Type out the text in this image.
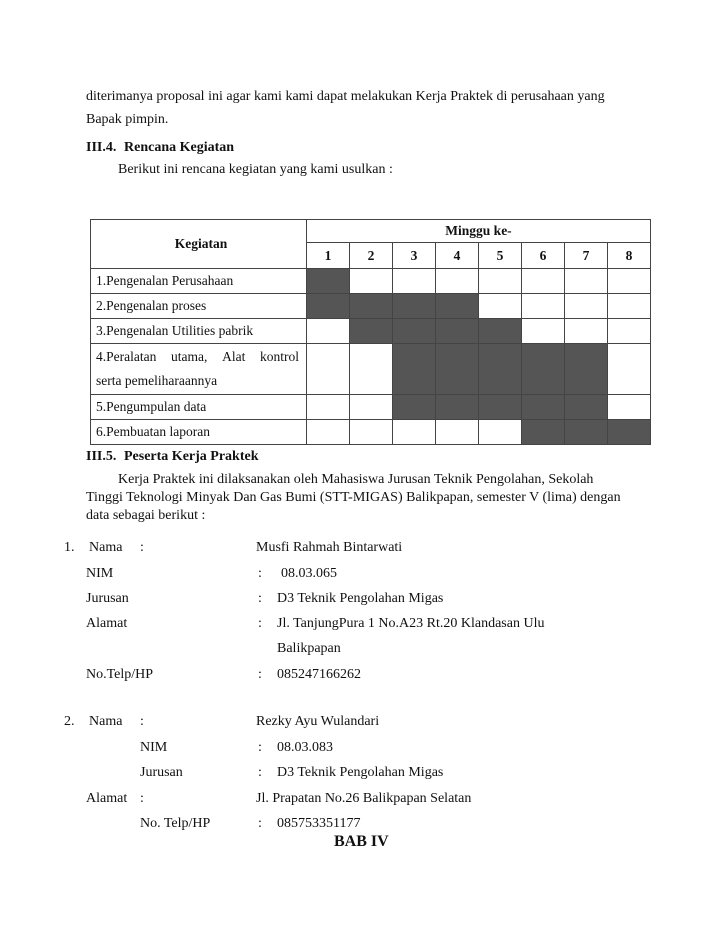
diterimanya proposal ini agar kami kami dapat melakukan Kerja Praktek di perusahaan yang
Bapak pimpin.
III.4. Rencana Kegiatan
Berikut ini rencana kegiatan yang kami usulkan :
Kegiatan	Minggu ke-							
	1	2	3	4	5	6	7	8
1.Pengenalan Perusahaan								
2.Pengenalan proses								
3.Pengenalan Utilities pabrik								

4.Peralatan utama, Alat kontrol
serta pemeliharaannya								

5.Pengumpulan data								
6.Pembuatan laporan								
III.5. Peserta Kerja Praktek
Kerja Praktek ini dilaksanakan oleh Mahasiswa Jurusan Teknik Pengolahan, Sekolah
Tinggi Teknologi Minyak Dan Gas Bumi (STT-MIGAS) Balikpapan, semester V (lima) dengan
data sebagai berikut :
1. Nama :	Musfi Rahmah Bintarwati
NIM	: 08.03.065
Jurusan	: D3 Teknik Pengolahan Migas
Alamat	: Jl. TanjungPura 1 No.A23 Rt.20 Klandasan Ulu
Balikpapan
No.Telp/HP	: 085247166262
2. Nama :	Rezky Ayu Wulandari
NIM	: 08.03.083
Jurusan	: D3 Teknik Pengolahan Migas
Alamat :	Jl. Prapatan No.26 Balikpapan Selatan
No. Telp/HP	: 085753351177
BAB IV
